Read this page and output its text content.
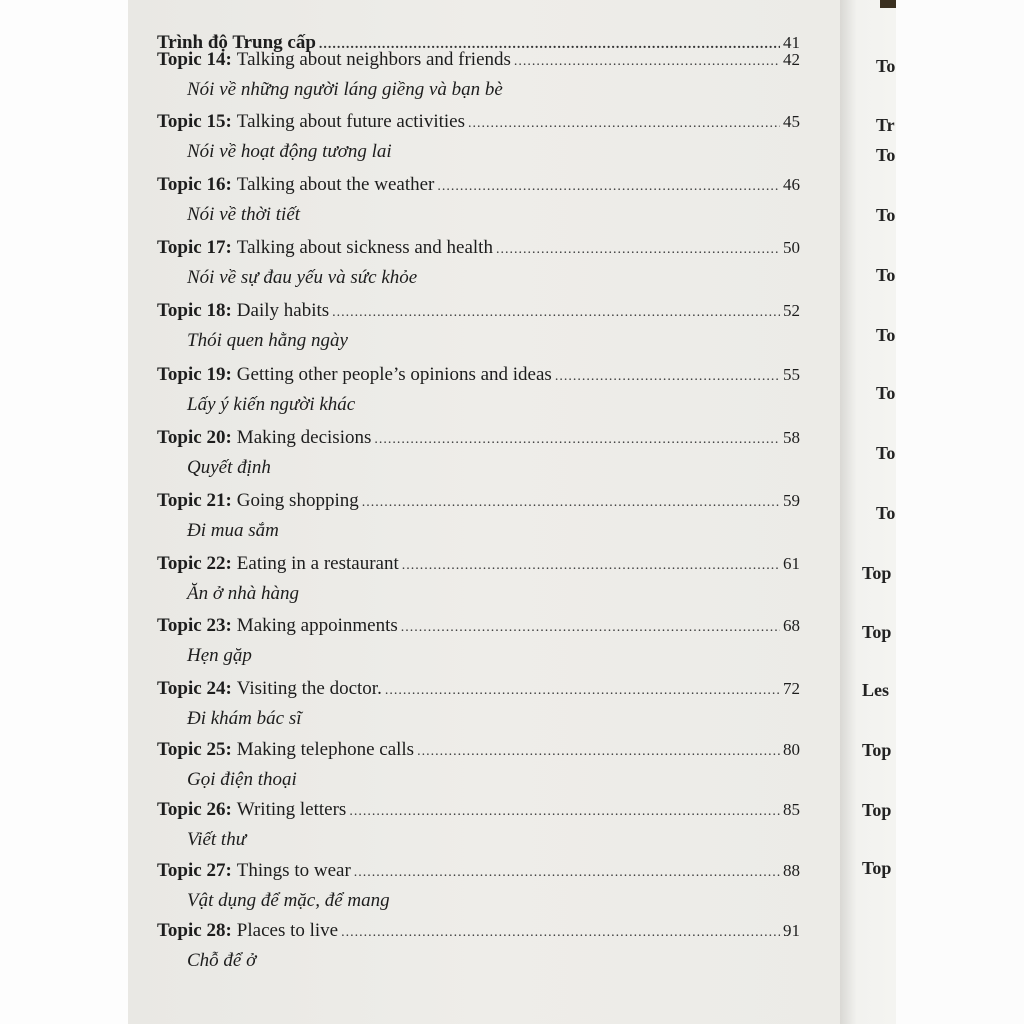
Trình độ Trung cấp .....	41
Topic 14: Talking about neighbors and friends .....	42
Nói về những người láng giềng và bạn bè
Topic 15: Talking about future activities .....	45
Nói về hoạt động tương lai
Topic 16: Talking about the weather .....	46
Nói về thời tiết
Topic 17: Talking about sickness and health .....	50
Nói về sự đau yếu và sức khỏe
Topic 18: Daily habits .....	52
Thói quen hằng ngày
Topic 19: Getting other people’s opinions and ideas .....	55
Lấy ý kiến người khác
Topic 20: Making decisions .....	58
Quyết định
Topic 21: Going shopping .....	59
Đi mua sắm
Topic 22: Eating in a restaurant .....	61
Ăn ở nhà hàng
Topic 23: Making appoinments .....	68
Hẹn gặp
Topic 24: Visiting the doctor. .....	72
Đi khám bác sĩ
Topic 25: Making telephone calls .....	80
Gọi điện thoại
Topic 26: Writing letters .....	85
Viết thư
Topic 27: Things to wear .....	88
Vật dụng để mặc, để mang
Topic 28: Places to live .....	91
Chỗ để ở
To
Tr
To
To
To
To
To
To
To
Top
Top
Les
Top
Top
Top
